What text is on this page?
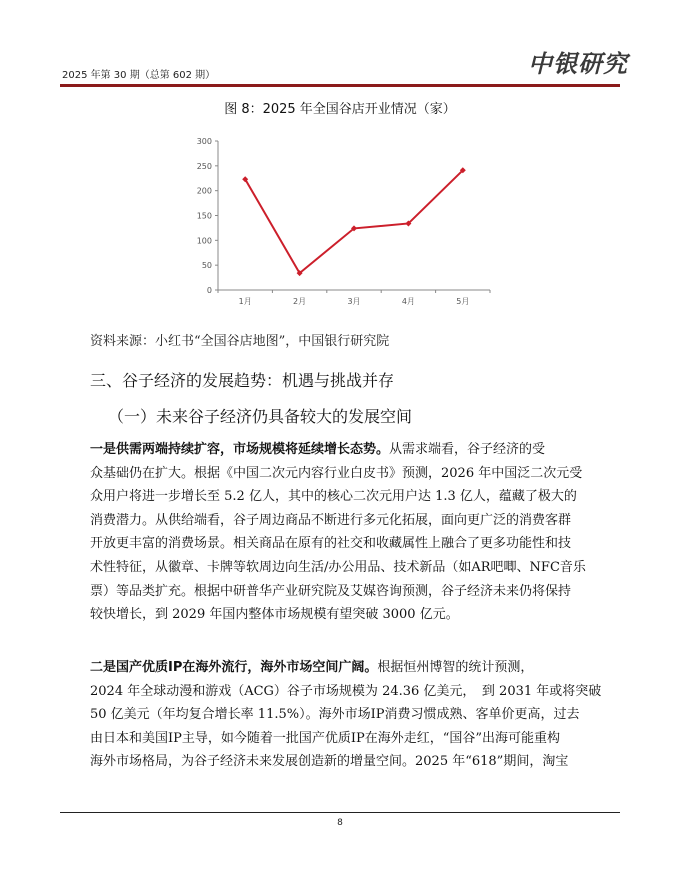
2025 年第 30 期（总第 602 期）	中银研究
图 8：2025 年全国谷店开业情况（家）
0
50
100
150
200
250
300
1月	2月	3月	4月	5月
资料来源：小红书“全国谷店地图”，中国银行研究院
三、谷子经济的发展趋势：机遇与挑战并存
（一）未来谷子经济仍具备较大的发展空间
一是供需两端持续扩容，市场规模将延续增长态势。从需求端看，谷子经济的受
众基础仍在扩大。根据《中国二次元内容行业白皮书》预测，2026 年中国泛二次元受
众用户将进一步增长至 5.2 亿人，其中的核心二次元用户达 1.3 亿人，蕴藏了极大的
消费潜力。从供给端看，谷子周边商品不断进行多元化拓展，面向更广泛的消费客群
开放更丰富的消费场景。相关商品在原有的社交和收藏属性上融合了更多功能性和技
术性特征，从徽章、卡牌等软周边向生活/办公用品、技术新品（如AR吧唧、NFC音乐
票）等品类扩充。根据中研普华产业研究院及艾媒咨询预测，谷子经济未来仍将保持
较快增长，到 2029 年国内整体市场规模有望突破 3000 亿元。
二是国产优质IP在海外流行，海外市场空间广阔。根据恒州博智的统计预测，
2024 年全球动漫和游戏（ACG）谷子市场规模为 24.36 亿美元，　到 2031 年或将突破
50 亿美元（年均复合增长率 11.5%）。海外市场IP消费习惯成熟、客单价更高，过去
由日本和美国IP主导，如今随着一批国产优质IP在海外走红，“国谷”出海可能重构
海外市场格局，为谷子经济未来发展创造新的增量空间。2025 年“618”期间，淘宝
8
